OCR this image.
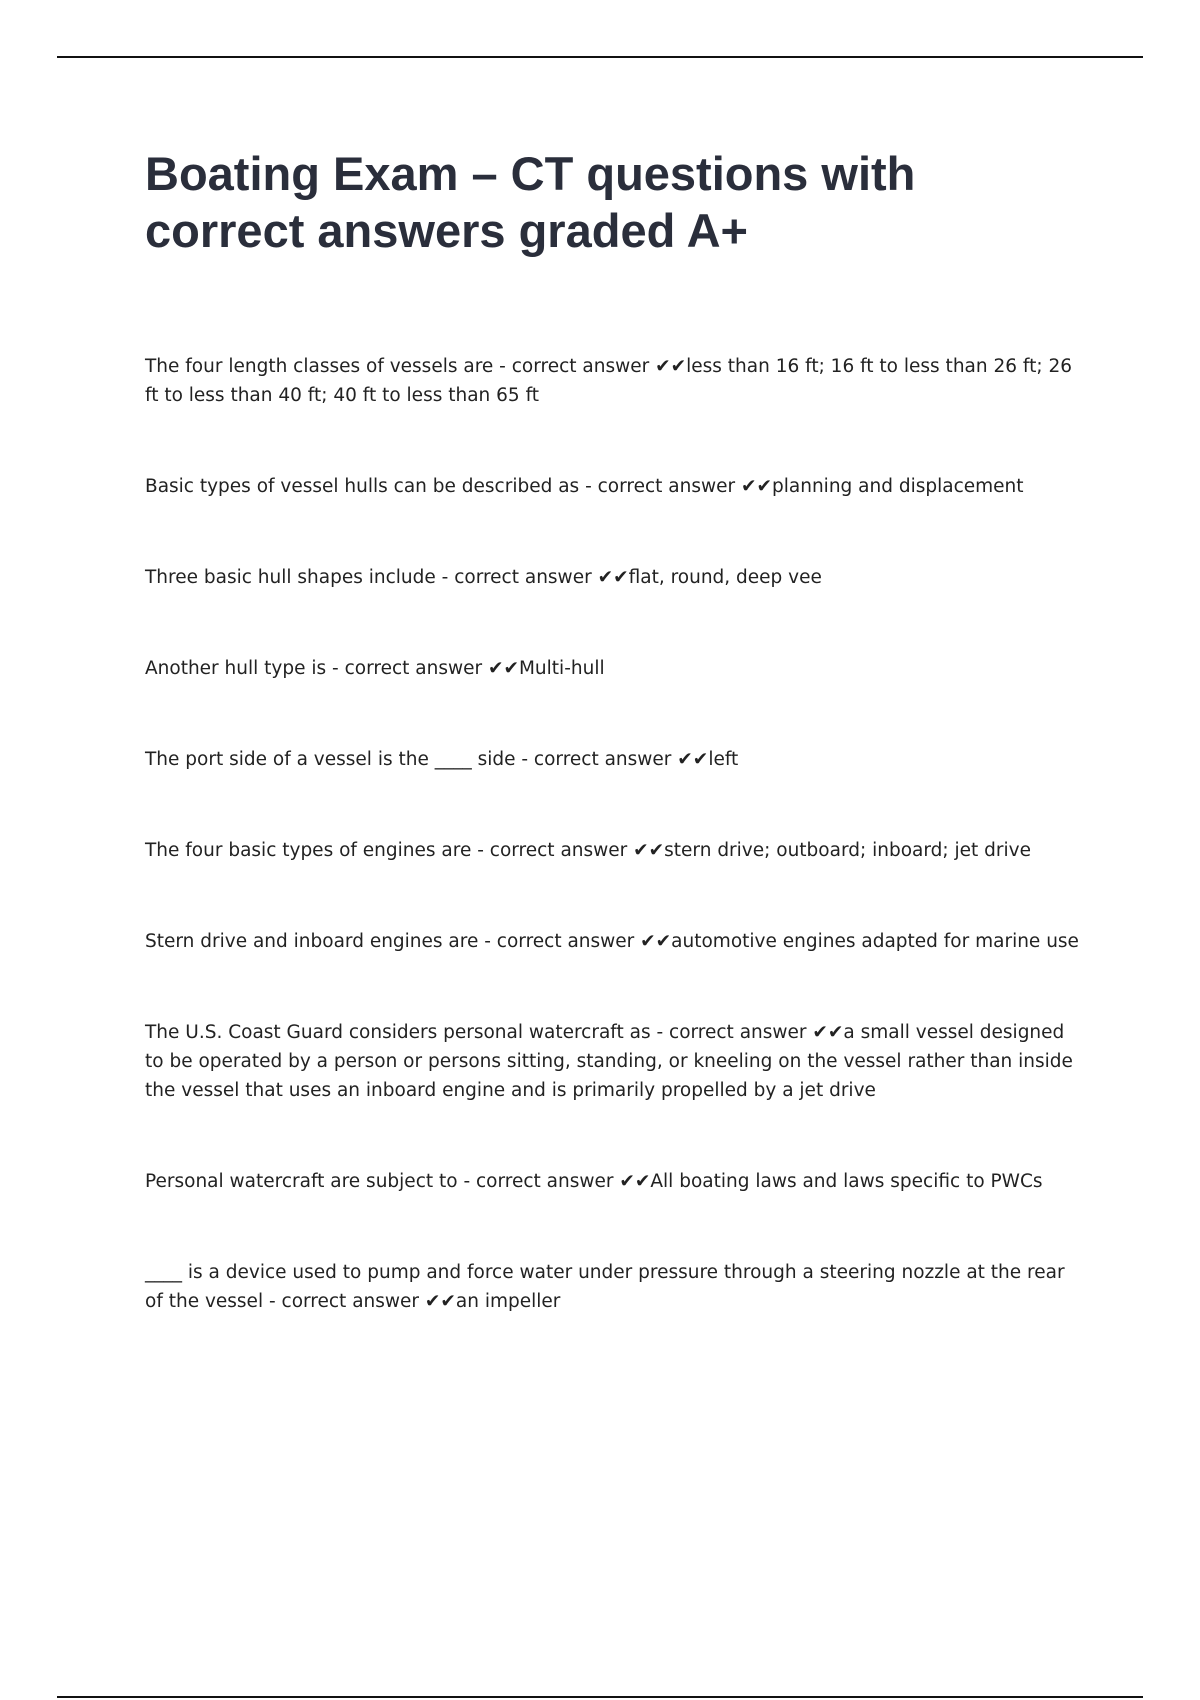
Boating Exam – CT questions with correct answers graded A+

The four length classes of vessels are - correct answer ✔✔less than 16 ft; 16 ft to less than 26 ft; 26 ft to less than 40 ft; 40 ft to less than 65 ft

Basic types of vessel hulls can be described as - correct answer ✔✔planning and displacement

Three basic hull shapes include - correct answer ✔✔flat, round, deep vee

Another hull type is - correct answer ✔✔Multi-hull

The port side of a vessel is the ____ side - correct answer ✔✔left

The four basic types of engines are - correct answer ✔✔stern drive; outboard; inboard; jet drive

Stern drive and inboard engines are - correct answer ✔✔automotive engines adapted for marine use

The U.S. Coast Guard considers personal watercraft as - correct answer ✔✔a small vessel designed to be operated by a person or persons sitting, standing, or kneeling on the vessel rather than inside the vessel that uses an inboard engine and is primarily propelled by a jet drive

Personal watercraft are subject to - correct answer ✔✔All boating laws and laws specific to PWCs

____ is a device used to pump and force water under pressure through a steering nozzle at the rear of the vessel - correct answer ✔✔an impeller
